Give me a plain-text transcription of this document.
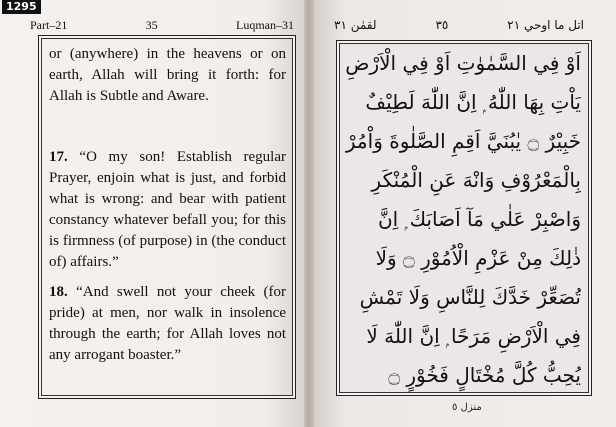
1295
Part–21	35	Luqman–31	اتل ما اوحي ٢١
٣٥
لقمٰن ٣١

or (anywhere) in the heavens or on earth, Allah will bring it forth: for Allah is Subtle and Aware.

17. “O my son! Establish regular Prayer, enjoin what is just, and forbid what is wrong: and bear with patient constancy whatever befall you; for this is firmness (of purpose) in (the conduct of) affairs.”

18. “And swell not your cheek (for pride) at men, nor walk in insolence through the earth; for Allah loves not any arrogant boaster.”

اَوْ فِي السَّمٰوٰتِ اَوْ فِي الْاَرْضِ
يَاْتِ بِهَا اللّٰهُ ۭ اِنَّ اللّٰهَ لَطِيْفٌ
خَبِيْرٌ ۝ يٰبُنَيَّ اَقِمِ الصَّلٰوةَ وَاْمُرْ
بِالْمَعْرُوْفِ وَانْهَ عَنِ الْمُنْكَرِ
وَاصْبِرْ عَلٰي مَآ اَصَابَكَ ۭ اِنَّ
ذٰلِكَ مِنْ عَزْمِ الْاُمُوْرِ ۝ وَلَا
تُصَعِّرْ خَدَّكَ لِلنَّاسِ وَلَا تَمْشِ
فِي الْاَرْضِ مَرَحًا ۭ اِنَّ اللّٰهَ لَا
يُحِبُّ كُلَّ مُخْتَالٍ فَخُوْرٍ ۝
منزل ٥
